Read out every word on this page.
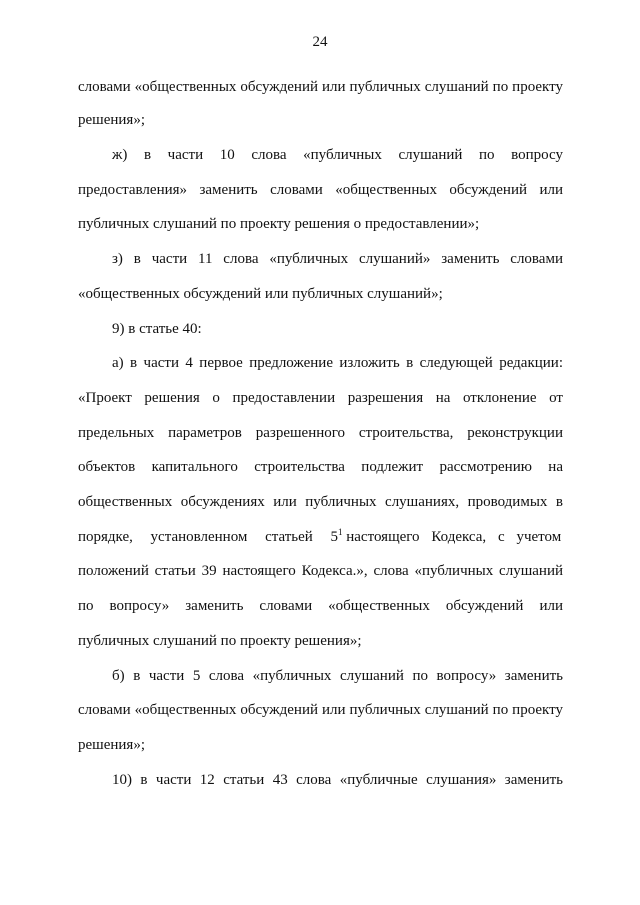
24
словами «общественных обсуждений или публичных слушаний по проекту
решения»;
ж) в части 10 слова «публичных слушаний по вопросу
предоставления» заменить словами «общественных обсуждений или
публичных слушаний по проекту решения о предоставлении»;
з) в части 11 слова «публичных слушаний» заменить словами
«общественных обсуждений или публичных слушаний»;
9) в статье 40:
а) в части 4 первое предложение изложить в следующей редакции:
«Проект решения о предоставлении разрешения на отклонение от
предельных параметров разрешенного строительства, реконструкции
объектов капитального строительства подлежит рассмотрению на
общественных обсуждениях или публичных слушаниях, проводимых в
порядке, установленном статьей $5^1$ настоящего Кодекса, с учетом
положений статьи 39 настоящего Кодекса.», слова «публичных слушаний
по вопросу» заменить словами «общественных обсуждений или
публичных слушаний по проекту решения»;
б) в части 5 слова «публичных слушаний по вопросу» заменить
словами «общественных обсуждений или публичных слушаний по проекту
решения»;
10) в части 12 статьи 43 слова «публичные слушания» заменить
